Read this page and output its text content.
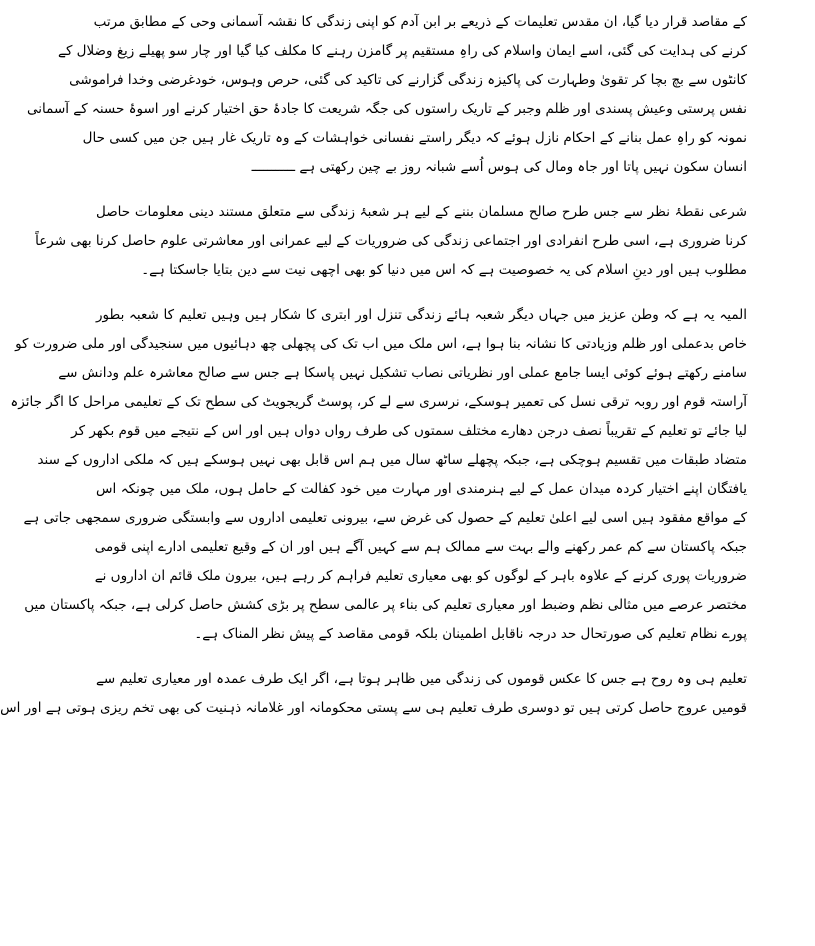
کے مقاصد قرار دیا گیا، ان مقدس تعلیمات کے ذریعے بر ابن آدم کو اپنی زندگی کا نقشہ آسمانی وحی کے مطابق مرتب
کرنے کی ہدایت کی گئی، اسے ایمان واسلام کی راہِ مستقیم پر گامزن رہنے کا مکلف کیا گیا اور چار سو پھیلے زیغ وضلال کے
کانٹوں سے بچ بچا کر تقویٰ وطہارت کی پاکیزہ زندگی گزارنے کی تاکید کی گئی، حرص وہوس، خودغرضی وخدا فراموشی
نفس پرستی وعیش پسندی اور ظلم وجبر کے تاریک راستوں کی جگہ شریعت کا جادۂ حق اختیار کرنے اور اسوۂ حسنہ کے آسمانی
نمونہ کو راہِ عمل بنانے کے احکام نازل ہوئے کہ دیگر راستے نفسانی خواہشات کے وہ تاریک غار ہیں جن میں کسی حال
انسان سکون نہیں پاتا اور جاہ ومال کی ہوس اُسے شبانہ روز بے چین رکھتی ہے ـــــــــــ
شرعی نقطۂ نظر سے جس طرح صالح مسلمان بننے کے لیے ہر شعبۂ زندگی سے متعلق مستند دینی معلومات حاصل
کرنا ضروری ہے، اسی طرح انفرادی اور اجتماعی زندگی کی ضروریات کے لیے عمرانی اور معاشرتی علوم حاصل کرنا بھی شرعاً
مطلوب ہیں اور دینِ اسلام کی یہ خصوصیت ہے کہ اس میں دنیا کو بھی اچھی نیت سے دین بتایا جاسکتا ہے۔
المیہ یہ ہے کہ وطن عزیز میں جہاں دیگر شعبہ ہائے زندگی تنزل اور ابتری کا شکار ہیں وہیں تعلیم کا شعبہ بطور
خاص بدعملی اور ظلم وزیادتی کا نشانہ بنا ہوا ہے، اس ملک میں اب تک کی پچھلی چھ دہائیوں میں سنجیدگی اور ملی ضرورت کو
سامنے رکھتے ہوئے کوئی ایسا جامع عملی اور نظریاتی نصاب تشکیل نہیں پاسکا ہے جس سے صالح معاشرہ علم ودانش سے
آراستہ قوم اور روبہ ترقی نسل کی تعمیر ہوسکے، نرسری سے لے کر، پوسٹ گریجویٹ کی سطح تک کے تعلیمی مراحل کا اگر جائزہ
لیا جائے تو تعلیم کے تقریباً نصف درجن دھارے مختلف سمتوں کی طرف رواں دواں ہیں اور اس کے نتیجے میں قوم بکھر کر
متضاد طبقات میں تقسیم ہوچکی ہے، جبکہ پچھلے ساٹھ سال میں ہم اس قابل بھی نہیں ہوسکے ہیں کہ ملکی اداروں کے سند
یافتگان اپنے اختیار کردہ میدان عمل کے لیے ہنرمندی اور مہارت میں خود کفالت کے حامل ہوں، ملک میں چونکہ اس
کے مواقع مفقود ہیں اسی لیے اعلیٰ تعلیم کے حصول کی غرض سے، بیرونی تعلیمی اداروں سے وابستگی ضروری سمجھی جاتی ہے
جبکہ پاکستان سے کم عمر رکھنے والے بہت سے ممالک ہم سے کہیں آگے ہیں اور ان کے وقیع تعلیمی ادارے اپنی قومی
ضروریات پوری کرنے کے علاوہ باہر کے لوگوں کو بھی معیاری تعلیم فراہم کر رہے ہیں، بیرون ملک قائم ان اداروں نے
مختصر عرصے میں مثالی نظم وضبط اور معیاری تعلیم کی بناء پر عالمی سطح پر بڑی کشش حاصل کرلی ہے، جبکہ پاکستان میں
پورے نظام تعلیم کی صورتحال حد درجہ ناقابل اطمینان بلکہ قومی مقاصد کے پیش نظر المناک ہے۔
تعلیم ہی وہ روح ہے جس کا عکس قوموں کی زندگی میں ظاہر ہوتا ہے، اگر ایک طرف عمدہ اور معیاری تعلیم سے
قومیں عروج حاصل کرتی ہیں تو دوسری طرف تعلیم ہی سے پستی محکومانہ اور غلامانہ ذہنیت کی بھی تخم ریزی ہوتی ہے اور اس
